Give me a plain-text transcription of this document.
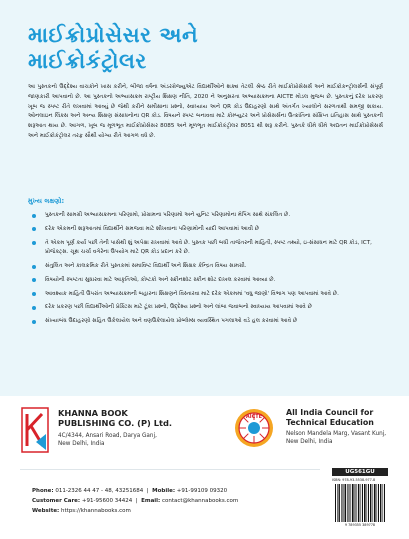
માઈક્રોપ્રોસેસર અને
માઈક્રોકંટ્રોલર
આ પુસ્તકનો ઉદ્દેશ્ય વાચકોને ખાસ કરીને, બીજા વર્ષના અંડરગ્રેજ્યુએટ વિદ્યાર્થીઓને શક્ય તેટલી શ્રેષ્ઠ રીતે માઈક્રોપ્રોસેસર્સ અને માઈક્રોકન્ટ્રોલર્સની સંપૂર્ણ જાણકારી આપવાનો છે. આ પુસ્તકનો અભ્યાસક્રમ રાષ્ટ્રીય શિક્ષણ નીતિ, 2020 ને અનુસરતા અભ્યાસક્રમના AICTE મોડલ મુજબ છે. પુસ્તકનું દરેક પ્રકરણ ખૂબ જ સ્પષ્ટ રીતે લખવામાં આવ્યું છે જેથી કરીને સમીક્ષાના પ્રશ્નો, સ્વાધ્યાય અને QR કોડ ઉદાહરણો સાથે અંતર્ગત ખ્યાલોને સરળતાથી સમજી શકાય. ઓનલાઇન લિંક્સ અને અન્ય શિક્ષણ સંસાધનોના QR કોડ. વિષયને સ્પષ્ટ બનાવવા માટે કોમ્પ્યુટર અને પ્રોસેસર્સના ઉત્ક્રાંતિના સંક્ષિપ્ત ઇતિહાસ સાથે પુસ્તકની શરૂઆત થાય છે. આગળ, ખૂબ જ મૂળભૂત માઈક્રોપ્રોસેસર 8085 અને મૂળભૂત માઈક્રોકંટ્રોલર 8051 થી શરૂ કરીને. પુસ્તકે ધીમે ધીમે અદ્યતન માઈક્રોપ્રોસેસર્સ અને માઈક્રોકંટ્રોલર તરફ સૌથી યોગ્ય રીતે આગળ વધે છે.
મુખ્ય લક્ષણો:
પુસ્તકની સામગ્રી અભ્યાસક્રમના પરિણામો, પ્રોગ્રામના પરિણામો અને યુનિટ પરિણામોના મેપિંગ સાથે સંકલિત છે.
દરેક એકમની શરૂઆતમાં વિદ્યાર્થીને સમજવા માટે શીખવાના પરિણામોની યાદી આપવામાં આવી છે
તે એકમ પૂર્ણ કર્યા પછી તેની પાસેથી શું અપેક્ષા રાખવામાં આવે છે. પુસ્તક પછી બધી તાજેતરની માહિતી, સ્પષ્ટ તથ્યો, ઇ-સંસાધન માટે QR કોડ, ICT, પ્રોજેક્ટ્સ. ચૂથ ચર્ચા વગેરેના ઉપયોગ માટે QR કોડ પ્રદાન કરે છે.
સંતુલિત અને કાલક્રમિક રીતે પુસ્તકમાં સમાવિષ્ટ વિદ્યાર્થી અને શિક્ષક કેન્દ્રિત વિષય સામગ્રી.
વિષયોની સ્પષ્ટતા સુધારવા માટે આકૃતિઓ, કોષ્ટકો અને સ્ક્રીનશૉટ સ્કીન શોટ દાખલ કરવામાં આવ્યા છે.
આવશ્યક માહિતી ઉપરાંત અભ્યાસક્રમની બહારના શિક્ષણને વિસ્તારવા માટે દરેક એકમમાં 'વધુ જાણો' વિભાગ પણ આપવામાં આવે છે.
દરેક પ્રકરણ પછી વિદ્યાર્થીઓની પ્રેક્ટિસ માટે ટૂંકા પ્રશ્નો, ઉદ્દેશ્ય પ્રશ્નો અને લાંબા જવાબનો સ્વાધ્યાય આપવામાં આવે છે
સંખ્યાબંધ ઉદાહરણો સહિત ઉકેલાયેલ અને વણઉકેલાયેલ પ્રોબ્લેમ્સ વ્યવસ્થિત પગલાઓ વડે હલ કરવામાં આવે છે
KHANNA BOOK
PUBLISHING CO. (P) Ltd.
4C/4344, Ansari Road, Darya Ganj,
New Delhi, India
AICTE	All India Council for
Technical Education
Nelson Mandela Marg, Vasant Kunj,
New Delhi, India
Phone: 011-2326 44 47 - 48, 43251684  |  Mobile: +91-99109 09320
Customer Care: +91-95600 34424  |  Email: contact@khannabooks.com
Website: https://khannabooks.com
UG561GU
ISBN: 978-93-5538-977-8
9 789355 389778
